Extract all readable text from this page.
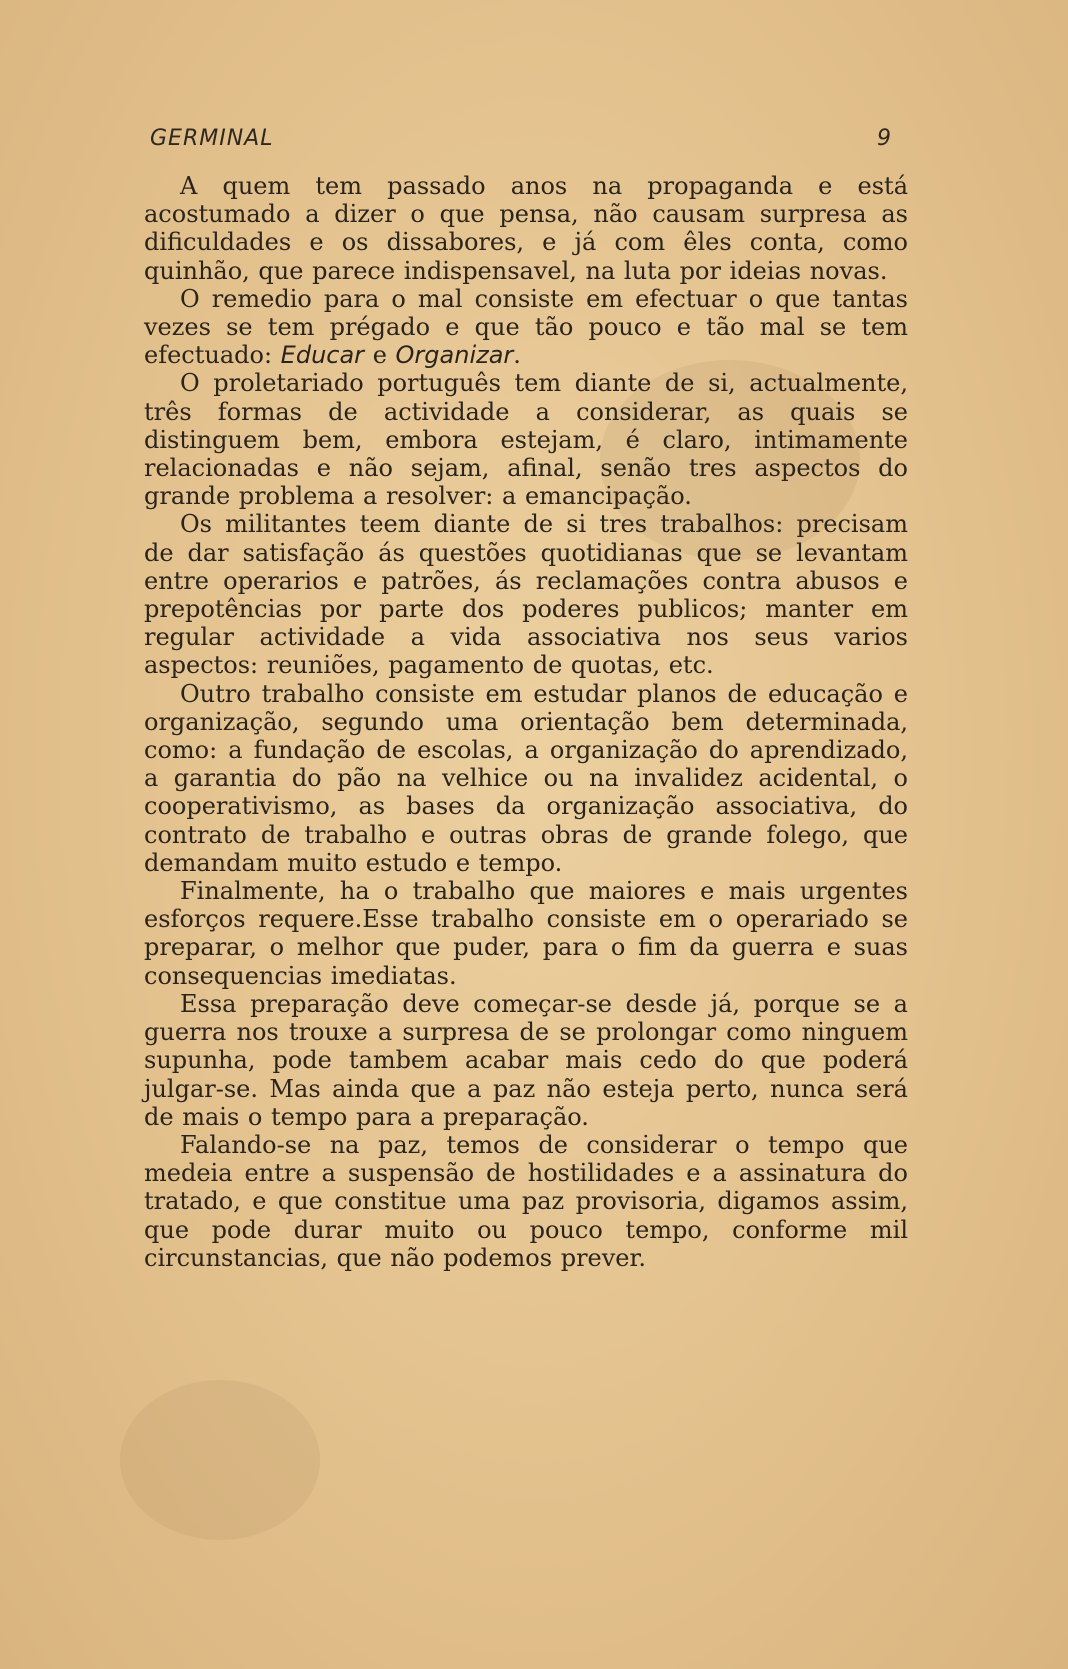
GERMINAL	9

A quem tem passado anos na propaganda e está acostumado a dizer o que pensa, não causam surpresa as dificuldades e os dissabores, e já com êles conta, como quinhão, que parece indispensavel, na luta por ideias novas.

O remedio para o mal consiste em efectuar o que tantas vezes se tem prégado e que tão pouco e tão mal se tem efectuado: Educar e Organizar.

O proletariado português tem diante de si, actualmente, três formas de actividade a considerar, as quais se distinguem bem, embora estejam, é claro, intimamente relacionadas e não sejam, afinal, senão tres aspectos do grande problema a resolver: a emancipação.

Os militantes teem diante de si tres trabalhos: precisam de dar satisfação ás questões quotidianas que se levantam entre operarios e patrões, ás reclamações contra abusos e prepotências por parte dos poderes publicos; manter em regular actividade a vida associativa nos seus varios aspectos: reuniões, pagamento de quotas, etc.

Outro trabalho consiste em estudar planos de educação e organização, segundo uma orientação bem determinada, como: a fundação de escolas, a organização do aprendizado, a garantia do pão na velhice ou na invalidez acidental, o cooperativismo, as bases da organização associativa, do contrato de trabalho e outras obras de grande folego, que demandam muito estudo e tempo.

Finalmente, ha o trabalho que maiores e mais urgentes esforços requere.Esse trabalho consiste em o operariado se preparar, o melhor que puder, para o fim da guerra e suas consequencias imediatas.

Essa preparação deve começar-se desde já, porque se a guerra nos trouxe a surpresa de se prolongar como ninguem supunha, pode tambem acabar mais cedo do que poderá julgar-se. Mas ainda que a paz não esteja perto, nunca será de mais o tempo para a preparação.

Falando-se na paz, temos de considerar o tempo que medeia entre a suspensão de hostilidades e a assinatura do tratado, e que constitue uma paz provisoria, digamos assim, que pode durar muito ou pouco tempo, conforme mil circunstancias, que não podemos prever.
